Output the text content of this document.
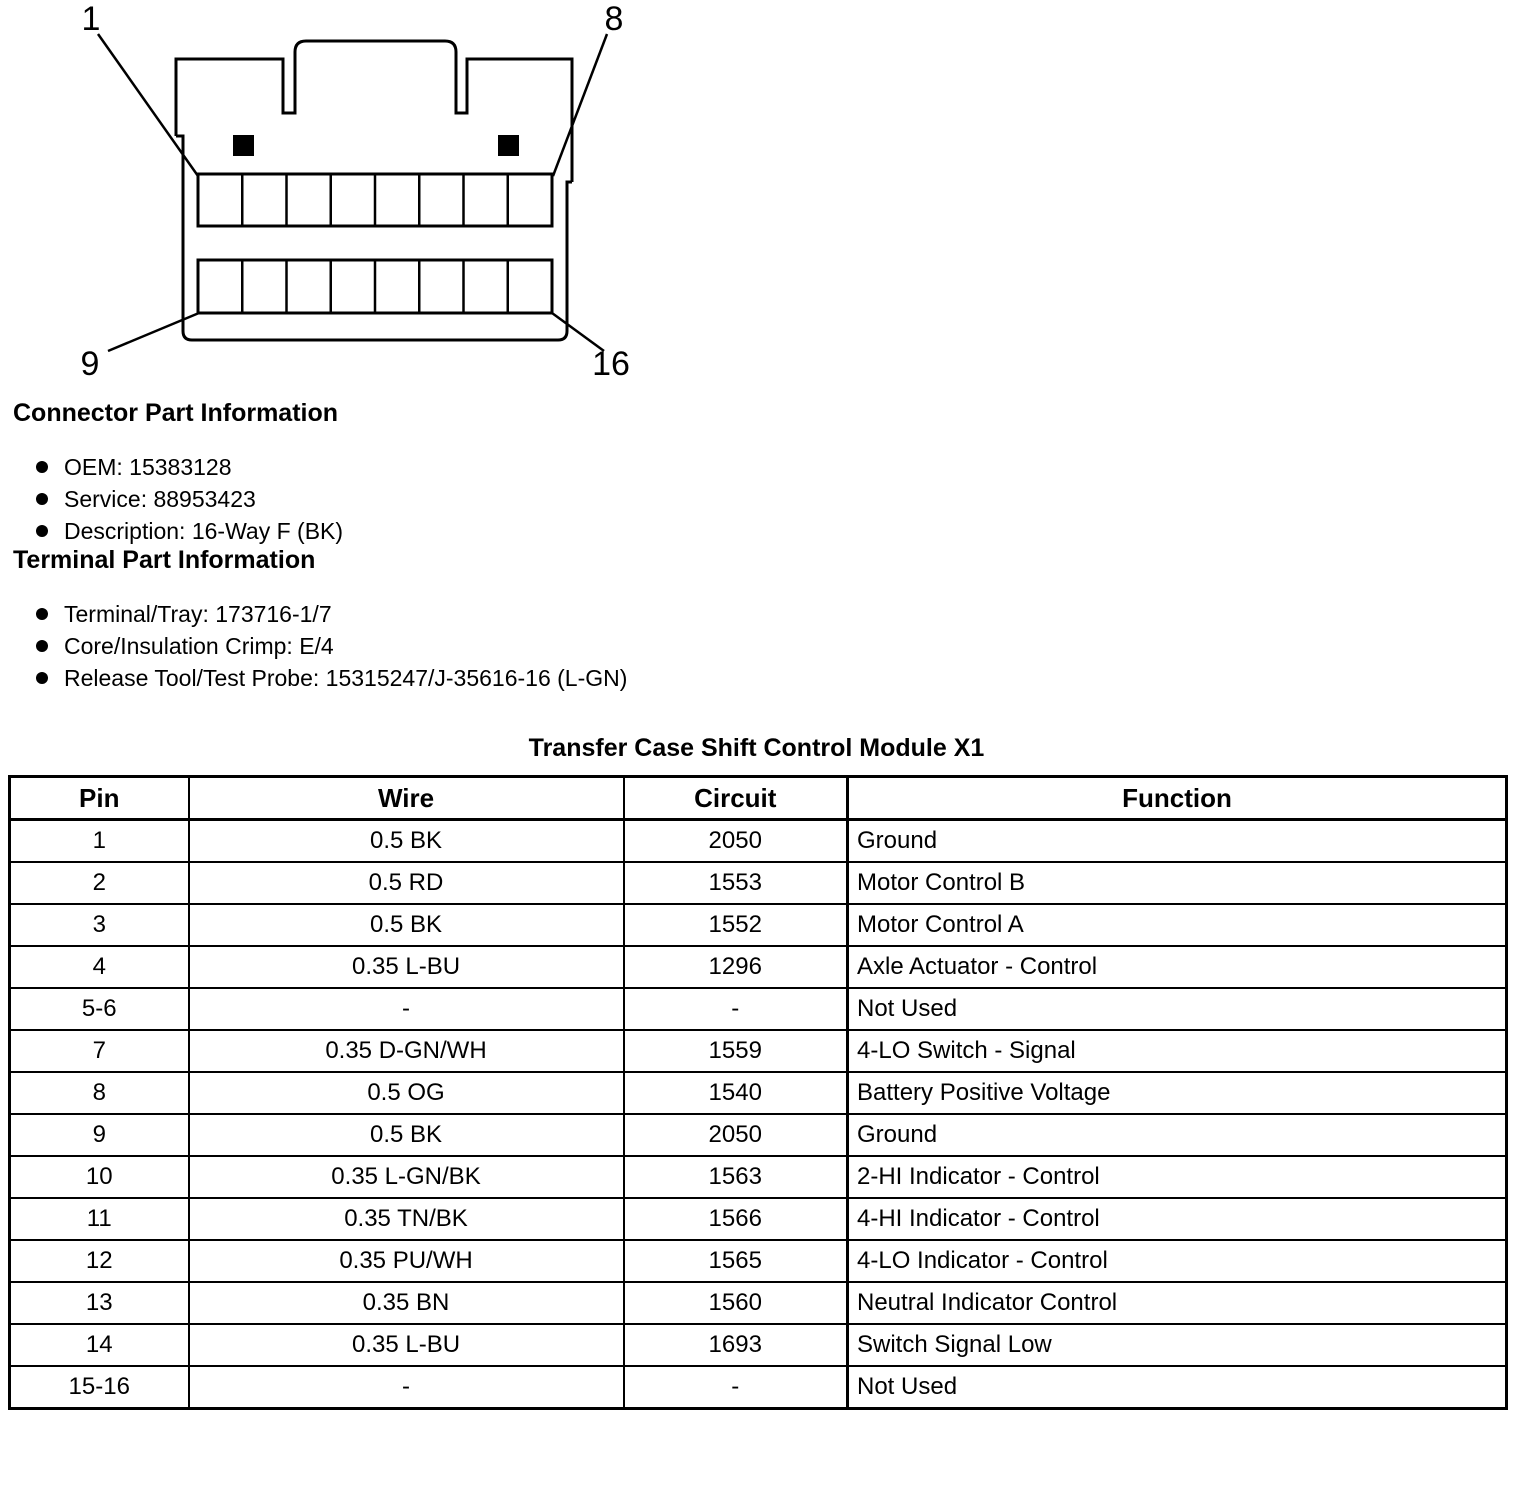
1	8
9	16
Connector Part Information
OEM: 15383128
Service: 88953423
Description: 16-Way F (BK)
Terminal Part Information
Terminal/Tray: 173716-1/7
Core/Insulation Crimp: E/4
Release Tool/Test Probe: 15315247/J-35616-16 (L-GN)
Transfer Case Shift Control Module X1
Pin	Wire	Circuit	Function
1	0.5 BK	2050	Ground
2	0.5 RD	1553	Motor Control B
3	0.5 BK	1552	Motor Control A
4	0.35 L-BU	1296	Axle Actuator - Control
5-6	-	-	Not Used
7	0.35 D-GN/WH	1559	4-LO Switch - Signal
8	0.5 OG	1540	Battery Positive Voltage
9	0.5 BK	2050	Ground
10	0.35 L-GN/BK	1563	2-HI Indicator - Control
11	0.35 TN/BK	1566	4-HI Indicator - Control
12	0.35 PU/WH	1565	4-LO Indicator - Control
13	0.35 BN	1560	Neutral Indicator Control
14	0.35 L-BU	1693	Switch Signal Low
15-16	-	-	Not Used
